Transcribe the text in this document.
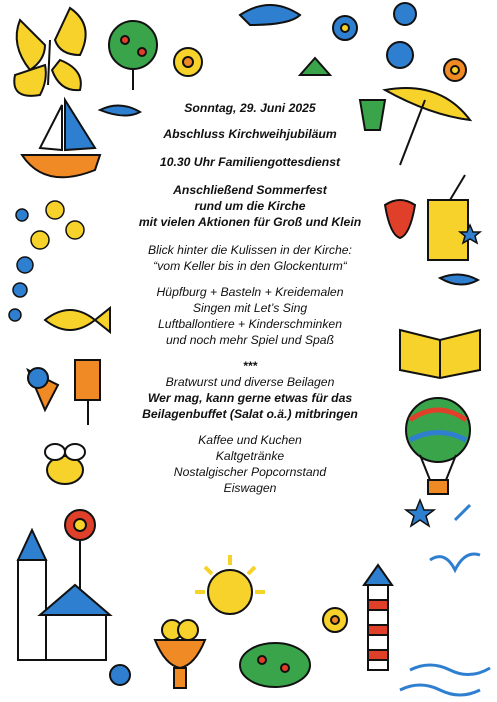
Sonntag, 29. Juni 2025

Abschluss Kirchweihjubiläum

10.30 Uhr Familiengottesdienst

Anschließend Sommerfest

rund um die Kirche

mit vielen Aktionen für Groß und Klein

Blick hinter die Kulissen in der Kirche:

“vom Keller bis in den Glockenturm“

Hüpfburg + Basteln + Kreidemalen

Singen mit Let’s Sing

Luftballontiere + Kinderschminken

und noch mehr Spiel und Spaß

***

Bratwurst und diverse Beilagen

Wer mag, kann gerne etwas für das

Beilagenbuffet (Salat o.ä.) mitbringen

Kaffee und Kuchen

Kaltgetränke

Nostalgischer Popcornstand

Eiswagen
